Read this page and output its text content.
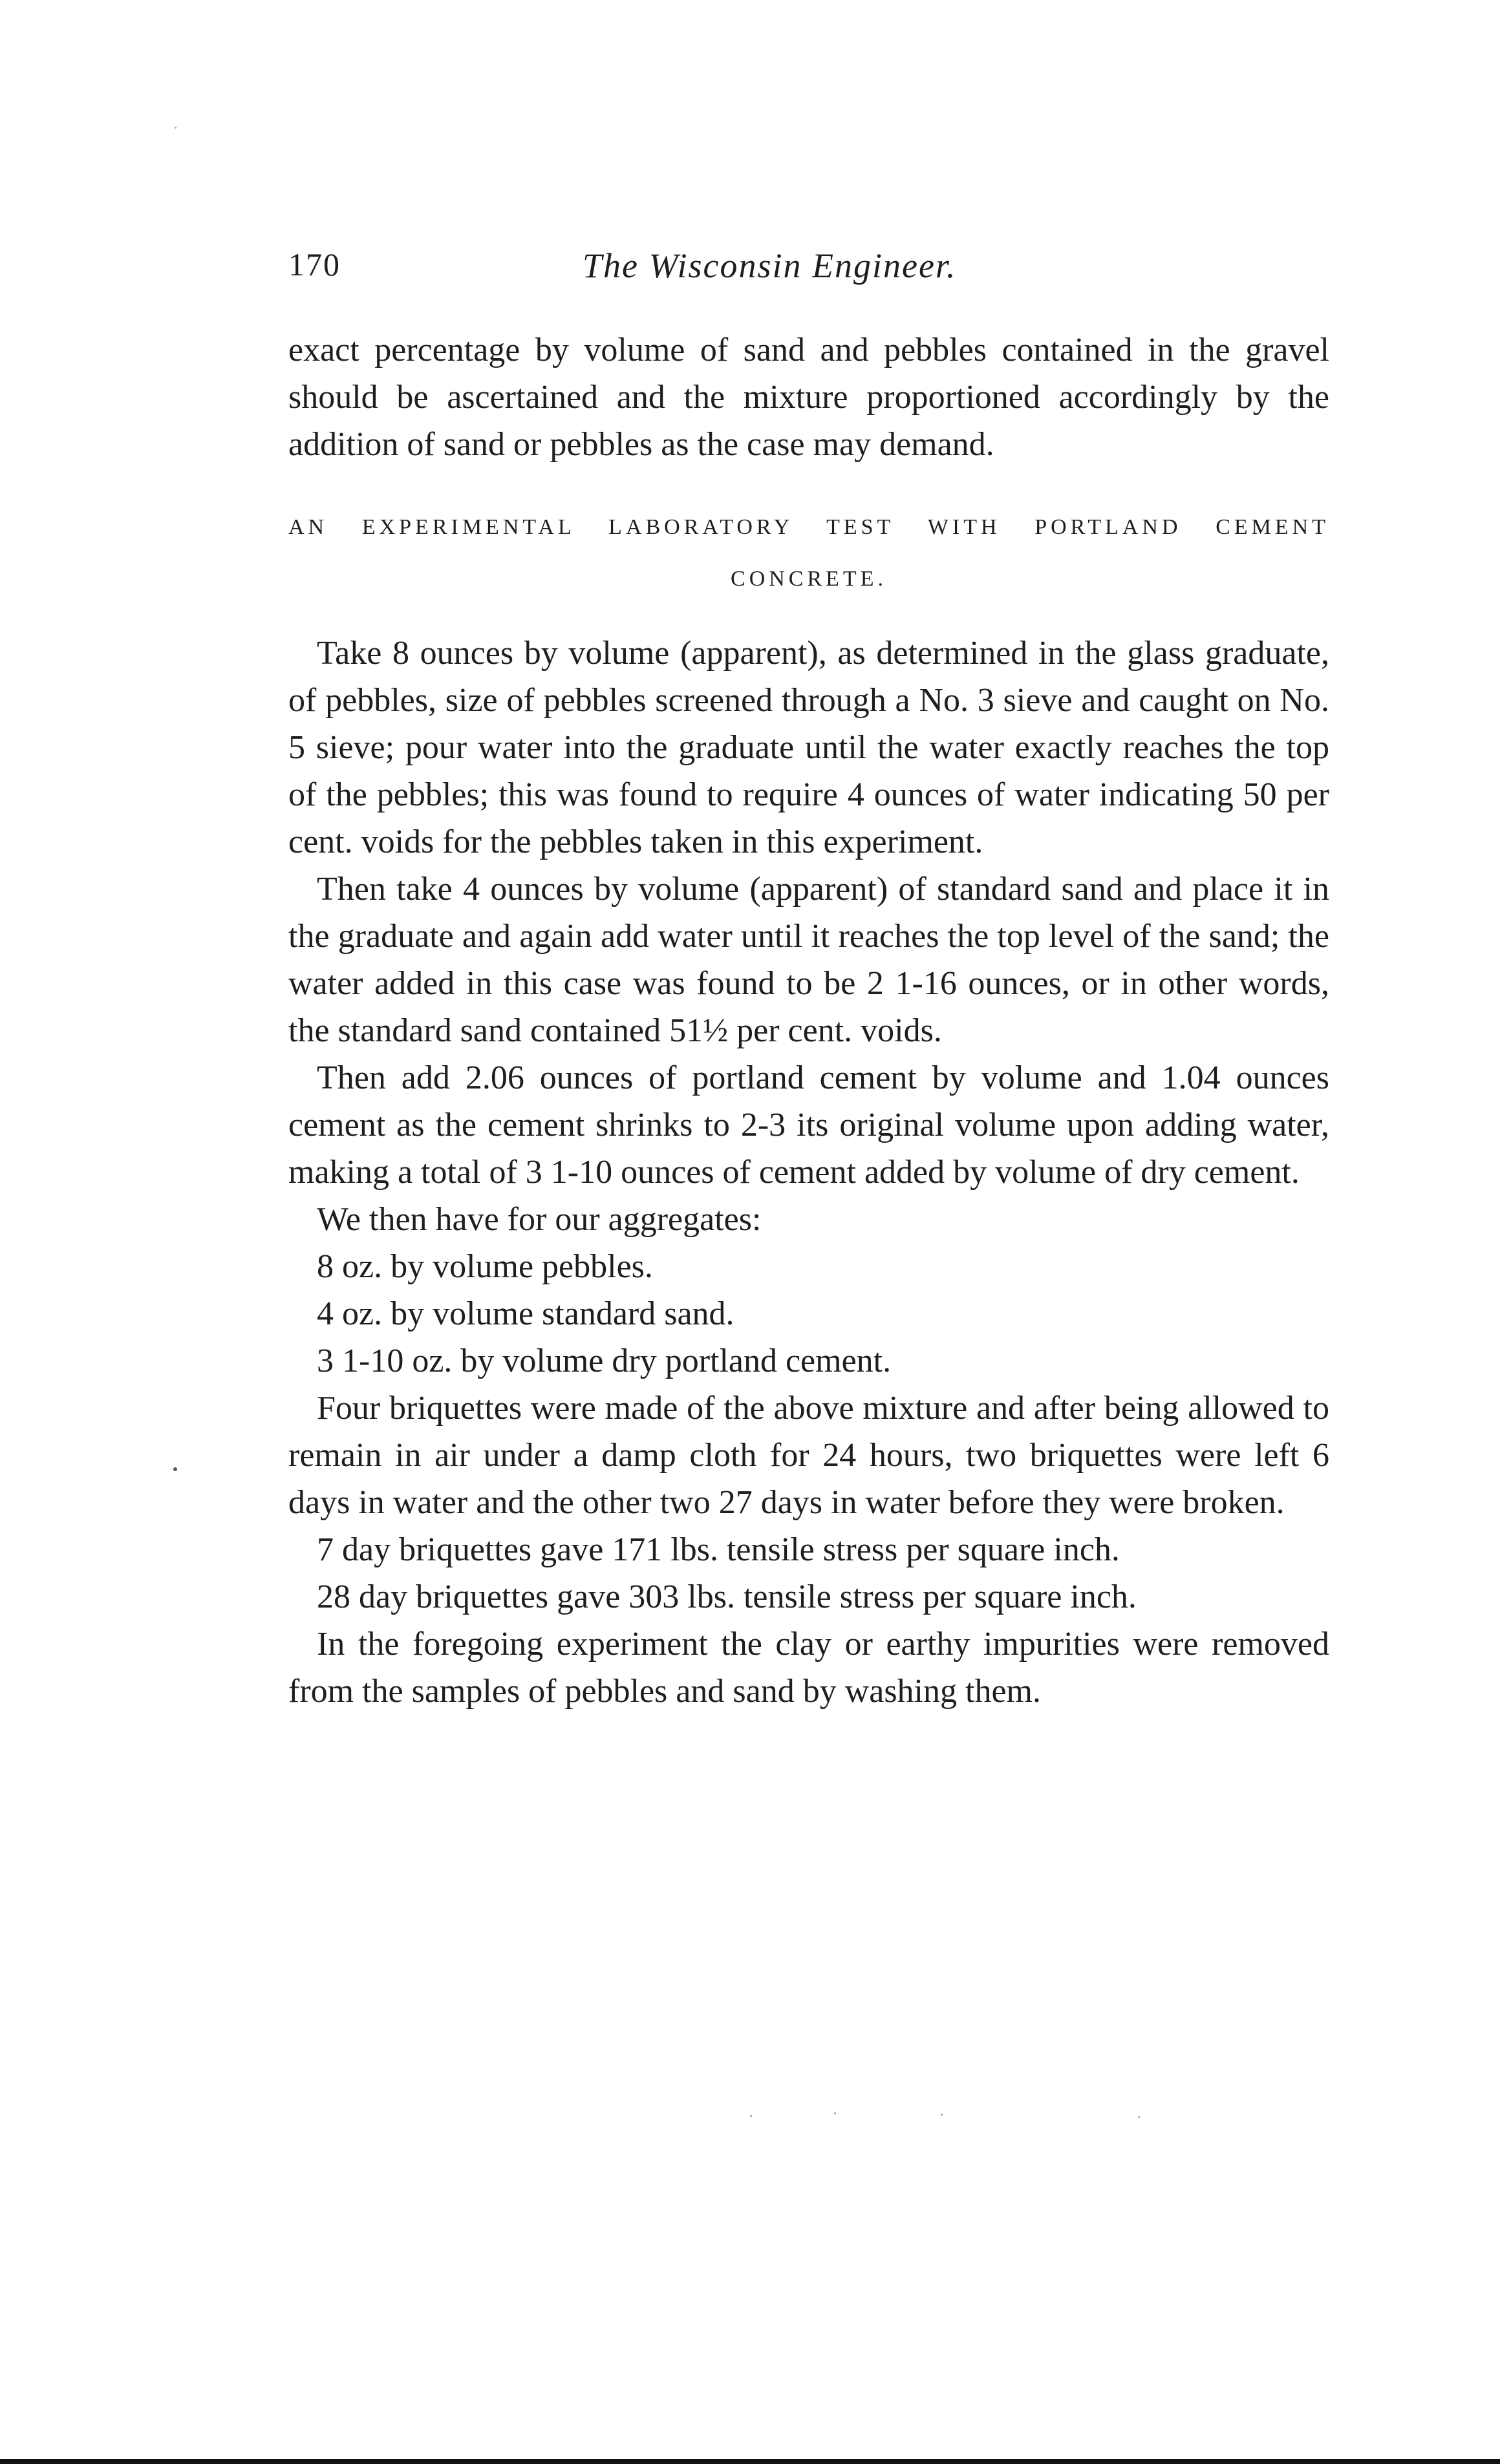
170	The Wisconsin Engineer.

exact percentage by volume of sand and pebbles contained in the gravel should be ascertained and the mixture proportioned accordingly by the addition of sand or pebbles as the case may demand.

AN EXPERIMENTAL LABORATORY TEST WITH PORTLAND CEMENT CONCRETE.

Take 8 ounces by volume (apparent), as determined in the glass graduate, of pebbles, size of pebbles screened through a No. 3 sieve and caught on No. 5 sieve; pour water into the graduate until the water exactly reaches the top of the pebbles; this was found to require 4 ounces of water indicating 50 per cent. voids for the pebbles taken in this experiment.

Then take 4 ounces by volume (apparent) of standard sand and place it in the graduate and again add water until it reaches the top level of the sand; the water added in this case was found to be 2 1-16 ounces, or in other words, the standard sand contained 51½ per cent. voids.

Then add 2.06 ounces of portland cement by volume and 1.04 ounces cement as the cement shrinks to 2-3 its original volume upon adding water, making a total of 3 1-10 ounces of cement added by volume of dry cement.

We then have for our aggregates:

8 oz. by volume pebbles.

4 oz. by volume standard sand.

3 1-10 oz. by volume dry portland cement.

Four briquettes were made of the above mixture and after being allowed to remain in air under a damp cloth for 24 hours, two briquettes were left 6 days in water and the other two 27 days in water before they were broken.

7 day briquettes gave 171 lbs. tensile stress per square inch.

28 day briquettes gave 303 lbs. tensile stress per square inch.

In the foregoing experiment the clay or earthy impurities were removed from the samples of pebbles and sand by washing them.
